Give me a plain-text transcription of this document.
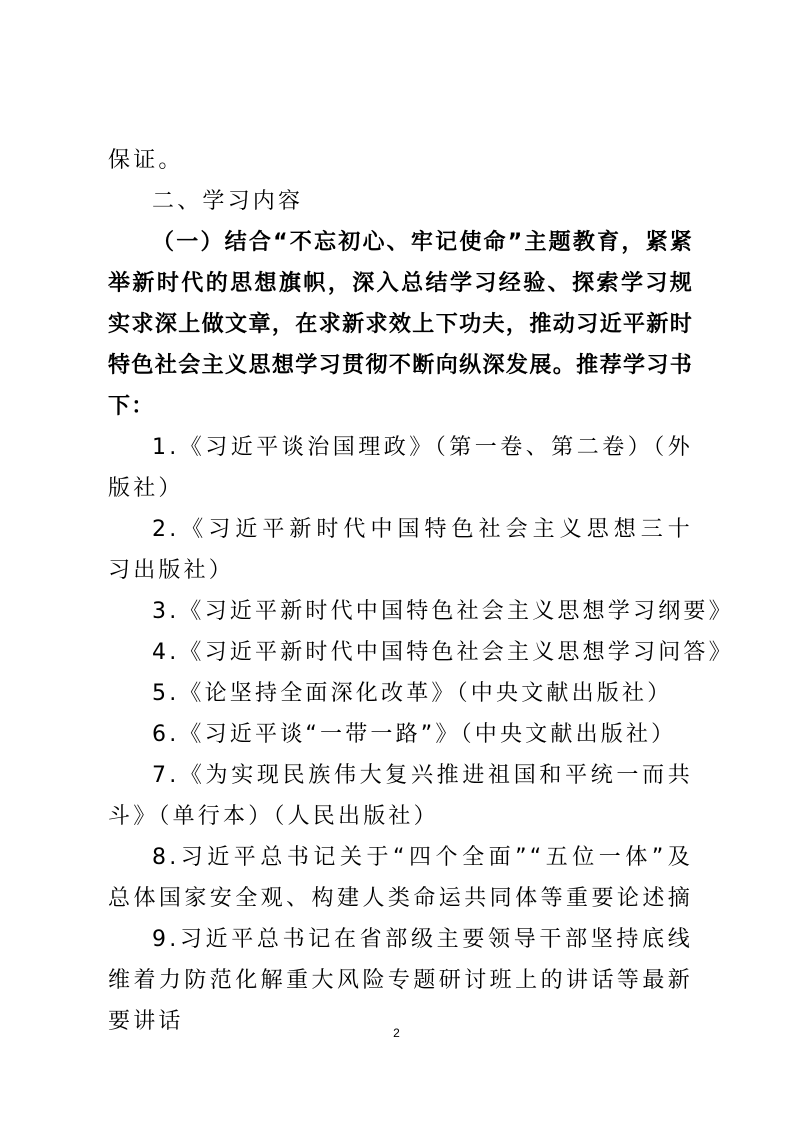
保证。
二、学习内容
（一）结合“不忘初心、牢记使命”主题教育，紧紧
举新时代的思想旗帜，深入总结学习经验、探索学习规
实求深上做文章，在求新求效上下功夫，推动习近平新时
特色社会主义思想学习贯彻不断向纵深发展。推荐学习书
下：
1.《习近平谈治国理政》（第一卷、第二卷）（外
版社）
2.《习近平新时代中国特色社会主义思想三十
习出版社）
3.《习近平新时代中国特色社会主义思想学习纲要》
4.《习近平新时代中国特色社会主义思想学习问答》
5.《论坚持全面深化改革》（中央文献出版社）
6.《习近平谈“一带一路”》（中央文献出版社）
7.《为实现民族伟大复兴推进祖国和平统一而共
斗》（单行本）（人民出版社）
8.习近平总书记关于“四个全面”“五位一体”及
总体国家安全观、构建人类命运共同体等重要论述摘
9.习近平总书记在省部级主要领导干部坚持底线
维着力防范化解重大风险专题研讨班上的讲话等最新
要讲话	2
